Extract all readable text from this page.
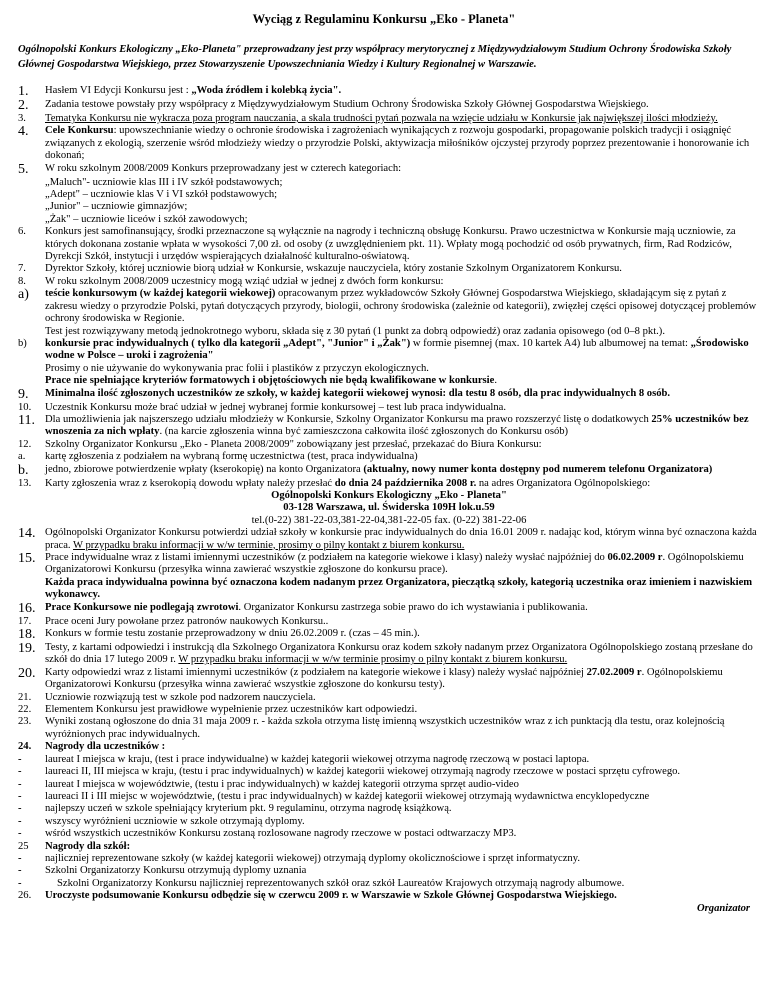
Wyciąg z Regulaminu Konkursu „Eko - Planeta"
Ogólnopolski Konkurs Ekologiczny „Eko-Planeta" przeprowadzany jest przy współpracy merytorycznej z Międzywydziałowym Studium Ochrony Środowiska Szkoły Głównej Gospodarstwa Wiejskiego, przez Stowarzyszenie Upowszechniania Wiedzy i Kultury Regionalnej w Warszawie.
1.	Hasłem VI Edycji Konkursu jest : „Woda źródłem i kolebką życia".
2.	Zadania testowe powstały przy współpracy z Międzywydziałowym Studium Ochrony Środowiska Szkoły Głównej Gospodarstwa Wiejskiego.
3.	Tematyka Konkursu nie wykracza poza program nauczania, a skala trudności pytań pozwala na wzięcie udziału w Konkursie jak największej ilości młodzieży.
4.	Cele Konkursu: upowszechnianie wiedzy o ochronie środowiska i zagrożeniach wynikających z rozwoju gospodarki, propagowanie polskich tradycji i osiągnięć związanych z ekologią, szerzenie wśród młodzieży wiedzy o przyrodzie Polski, aktywizacja miłośników ojczystej przyrody poprzez prezentowanie i honorowanie ich dokonań;
5.	W roku szkolnym 2008/2009 Konkurs przeprowadzany jest w czterech kategoriach:
„Maluch"- uczniowie klas III i IV szkół podstawowych;
„Adept" – uczniowie klas V i VI szkół podstawowych;
„Junior" – uczniowie gimnazjów;
„Żak" – uczniowie liceów i szkół zawodowych;
6.	Konkurs jest samofinansujący, środki przeznaczone są wyłącznie na nagrody i techniczną obsługę Konkursu. Prawo uczestnictwa w Konkursie mają uczniowie, za których dokonana zostanie wpłata w wysokości 7,00 zł. od osoby (z uwzględnieniem pkt. 11). Wpłaty mogą pochodzić od osób prywatnych, firm, Rad Rodziców, Dyrekcji Szkół, instytucji i urzędów wspierających działalność kulturalno-oświatową.
7.	Dyrektor Szkoły, której uczniowie biorą udział w Konkursie, wskazuje nauczyciela, który zostanie Szkolnym Organizatorem Konkursu.
8.	W roku szkolnym 2008/2009 uczestnicy mogą wziąć udział w jednej z dwóch form konkursu:
a)	teście konkursowym (w każdej kategorii wiekowej) opracowanym przez wykładowców Szkoły Głównej Gospodarstwa Wiejskiego, składającym się z pytań z zakresu wiedzy o przyrodzie Polski, pytań dotyczących przyrody, biologii, ochrony środowiska (zależnie od kategorii), zwięzłej części opisowej dotyczącej problemów ochrony środowiska w Regionie.
Test jest rozwiązywany metodą jednokrotnego wyboru, składa się z 30 pytań (1 punkt za dobrą odpowiedź) oraz zadania opisowego (od 0–8 pkt.).
b)	konkursie prac indywidualnych ( tylko dla kategorii „Adept", "Junior" i „Żak") w formie pisemnej (max. 10 kartek A4) lub albumowej na temat: „Środowisko wodne w Polsce – uroki i zagrożenia"
Prosimy o nie używanie do wykonywania prac folii i plastików z przyczyn ekologicznych.
Prace nie spełniające kryteriów formatowych i objętościowych nie będą kwalifikowane w konkursie.
9.	Minimalna ilość zgłoszonych uczestników ze szkoły, w każdej kategorii wiekowej wynosi: dla testu 8 osób, dla prac indywidualnych 8 osób.
10.	Uczestnik Konkursu może brać udział w jednej wybranej formie konkursowej – test lub praca indywidualna.
11. Dla umożliwienia jak najszerszego udziału młodzieży w Konkursie, Szkolny Organizator Konkursu ma prawo rozszerzyć listę o dodatkowych 25% uczestników bez wnoszenia za nich wpłaty. (na karcie zgłoszenia winna być zamieszczona całkowita ilość zgłoszonych do Konkursu osób)
12.	Szkolny Organizator Konkursu „Eko - Planeta 2008/2009" zobowiązany jest przesłać, przekazać do Biura Konkursu:
a.	kartę zgłoszenia z podziałem na wybraną formę uczestnictwa (test, praca indywidualna)
b.	jedno, zbiorowe potwierdzenie wpłaty (kserokopię) na konto Organizatora (aktualny, nowy numer konta dostępny pod numerem telefonu Organizatora)
13.	Karty zgłoszenia wraz z kserokopią dowodu wpłaty należy przesłać do dnia 24 października 2008 r. na adres Organizatora Ogólnopolskiego:
Ogólnopolski Konkurs Ekologiczny „Eko - Planeta"
03-128 Warszawa, ul. Świderska 109H lok.u.59
tel.(0-22) 381-22-03,381-22-04,381-22-05 fax. (0-22) 381-22-06
14. Ogólnopolski Organizator Konkursu potwierdzi udział szkoły w konkursie prac indywidualnych do dnia 16.01 2009 r. nadając kod, którym winna być oznaczona każda praca. W przypadku braku informacji w w/w terminie, prosimy o pilny kontakt z biurem konkursu.
15. Prace indywidualne wraz z listami imiennymi uczestników (z podziałem na kategorie wiekowe i klasy) należy wysłać najpóźniej do 06.02.2009 r. Ogólnopolskiemu Organizatorowi Konkursu (przesyłka winna zawierać wszystkie zgłoszone do konkursu prace).
Każda praca indywidualna powinna być oznaczona kodem nadanym przez Organizatora, pieczątką szkoły, kategorią uczestnika oraz imieniem i nazwiskiem wykonawcy.
16. Prace Konkursowe nie podlegają zwrotowi. Organizator Konkursu zastrzega sobie prawo do ich wystawiania i publikowania.
17.	Prace oceni Jury powołane przez patronów naukowych Konkursu..
18. Konkurs w formie testu zostanie przeprowadzony w dniu 26.02.2009 r. (czas – 45 min.).
19. Testy, z kartami odpowiedzi i instrukcją dla Szkolnego Organizatora Konkursu oraz kodem szkoły nadanym przez Organizatora Ogólnopolskiego zostaną przesłane do szkół do dnia 17 lutego 2009 r. W przypadku braku informacji w w/w terminie prosimy o pilny kontakt z biurem konkursu.
20. Karty odpowiedzi wraz z listami imiennymi uczestników (z podziałem na kategorie wiekowe i klasy) należy wysłać najpóźniej 27.02.2009 r. Ogólnopolskiemu Organizatorowi Konkursu (przesyłka winna zawierać wszystkie zgłoszone do konkursu testy).
21.	Uczniowie rozwiązują test w szkole pod nadzorem nauczyciela.
22.	Elementem Konkursu jest prawidłowe wypełnienie przez uczestników kart odpowiedzi.
23.	Wyniki zostaną ogłoszone do dnia 31 maja 2009 r. - każda szkoła otrzyma listę imienną wszystkich uczestników wraz z ich punktacją dla testu, oraz kolejnością wyróżnionych prac indywidualnych.
24.	Nagrody dla uczestników :
-	laureat I miejsca w kraju, (test i prace indywidualne) w każdej kategorii wiekowej otrzyma nagrodę rzeczową w postaci laptopa.
-	laureaci II, III miejsca w kraju, (testu i prac indywidualnych) w każdej kategorii wiekowej otrzymają nagrody rzeczowe w postaci sprzętu cyfrowego.
-	laureat I miejsca w województwie, (testu i prac indywidualnych) w każdej kategorii otrzyma sprzęt audio-video
-	laureaci II i III miejsc w województwie, (testu i prac indywidualnych) w każdej kategorii wiekowej otrzymają wydawnictwa encyklopedyczne
-	najlepszy uczeń w szkole spełniający kryterium pkt. 9 regulaminu, otrzyma nagrodę książkową.
-	wszyscy wyróżnieni uczniowie w szkole otrzymają dyplomy.
-	wśród wszystkich uczestników Konkursu zostaną rozlosowane nagrody rzeczowe w postaci odtwarzaczy MP3.
25	Nagrody dla szkół:
-	najliczniej reprezentowane szkoły (w każdej kategorii wiekowej) otrzymają dyplomy okolicznościowe i sprzęt informatyczny.
-	Szkolni Organizatorzy Konkursu otrzymują dyplomy uznania
-	Szkolni Organizatorzy Konkursu najliczniej reprezentowanych szkół oraz szkół Laureatów Krajowych otrzymają nagrody albumowe.
26.	Uroczyste podsumowanie Konkursu odbędzie się w czerwcu 2009 r. w Warszawie w Szkole Głównej Gospodarstwa Wiejskiego.
Organizator
